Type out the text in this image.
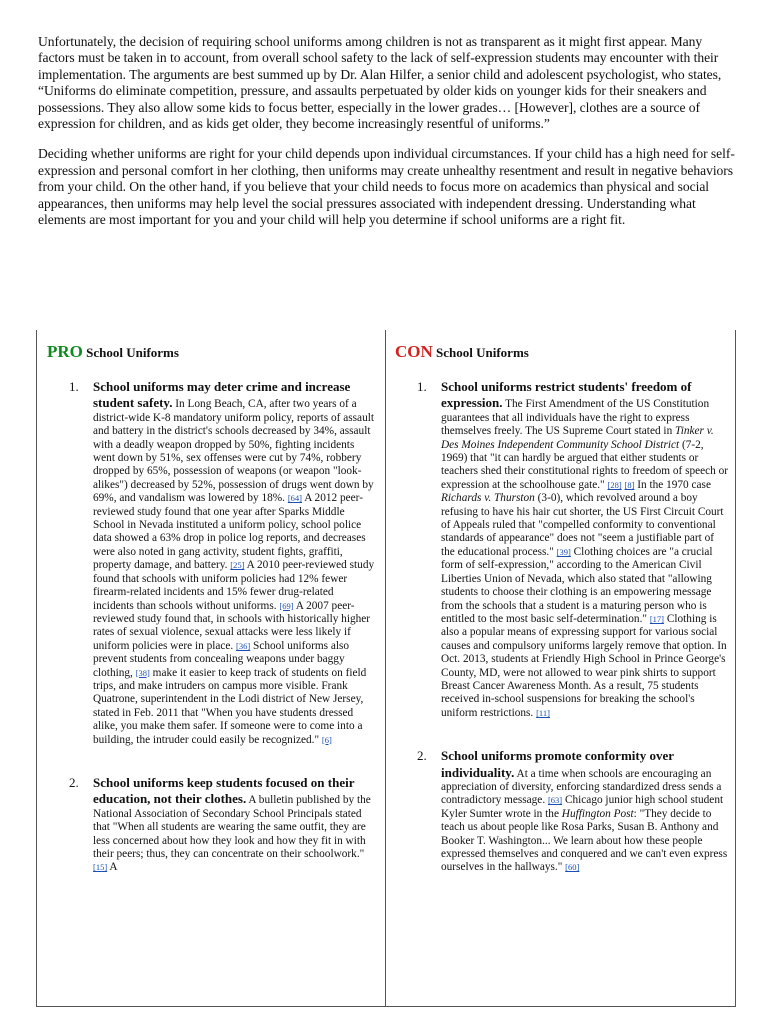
Unfortunately, the decision of requiring school uniforms among children is not as transparent as it might first appear. Many factors must be taken in to account, from overall school safety to the lack of self-expression students may encounter with their implementation. The arguments are best summed up by Dr. Alan Hilfer, a senior child and adolescent psychologist, who states, “Uniforms do eliminate competition, pressure, and assaults perpetuated by older kids on younger kids for their sneakers and possessions. They also allow some kids to focus better, especially in the lower grades… [However], clothes are a source of expression for children, and as kids get older, they become increasingly resentful of uniforms.”

Deciding whether uniforms are right for your child depends upon individual circumstances. If your child has a high need for self-expression and personal comfort in her clothing, then uniforms may create unhealthy resentment and result in negative behaviors from your child. On the other hand, if you believe that your child needs to focus more on academics than physical and social appearances, then uniforms may help level the social pressures associated with independent dressing. Understanding what elements are most important for you and your child will help you determine if school uniforms are a right fit.

PRO School Uniforms
1. School uniforms may deter crime and increase student safety. In Long Beach, CA, after two years of a district-wide K-8 mandatory uniform policy, reports of assault and battery in the district's schools decreased by 34%, assault with a deadly weapon dropped by 50%, fighting incidents went down by 51%, sex offenses were cut by 74%, robbery dropped by 65%, possession of weapons (or weapon "look-alikes") decreased by 52%, possession of drugs went down by 69%, and vandalism was lowered by 18%. [64] A 2012 peer-reviewed study found that one year after Sparks Middle School in Nevada instituted a uniform policy, school police data showed a 63% drop in police log reports, and decreases were also noted in gang activity, student fights, graffiti, property damage, and battery. [25] A 2010 peer-reviewed study found that schools with uniform policies had 12% fewer firearm-related incidents and 15% fewer drug-related incidents than schools without uniforms. [69] A 2007 peer-reviewed study found that, in schools with historically higher rates of sexual violence, sexual attacks were less likely if uniform policies were in place. [36] School uniforms also prevent students from concealing weapons under baggy clothing, [38] make it easier to keep track of students on field trips, and make intruders on campus more visible. Frank Quatrone, superintendent in the Lodi district of New Jersey, stated in Feb. 2011 that "When you have students dressed alike, you make them safer. If someone were to come into a building, the intruder could easily be recognized." [6]
2. School uniforms keep students focused on their education, not their clothes. A bulletin published by the National Association of Secondary School Principals stated that "When all students are wearing the same outfit, they are less concerned about how they look and how they fit in with their peers; thus, they can concentrate on their schoolwork." [15] A
CON School Uniforms
1. School uniforms restrict students' freedom of expression. The First Amendment of the US Constitution guarantees that all individuals have the right to express themselves freely. The US Supreme Court stated in Tinker v. Des Moines Independent Community School District (7-2, 1969) that "it can hardly be argued that either students or teachers shed their constitutional rights to freedom of speech or expression at the schoolhouse gate." [28] [8] In the 1970 case Richards v. Thurston (3-0), which revolved around a boy refusing to have his hair cut shorter, the US First Circuit Court of Appeals ruled that "compelled conformity to conventional standards of appearance" does not "seem a justifiable part of the educational process." [39] Clothing choices are "a crucial form of self-expression," according to the American Civil Liberties Union of Nevada, which also stated that "allowing students to choose their clothing is an empowering message from the schools that a student is a maturing person who is entitled to the most basic self-determination." [17] Clothing is also a popular means of expressing support for various social causes and compulsory uniforms largely remove that option. In Oct. 2013, students at Friendly High School in Prince George's County, MD, were not allowed to wear pink shirts to support Breast Cancer Awareness Month. As a result, 75 students received in-school suspensions for breaking the school's uniform restrictions. [11]
2. School uniforms promote conformity over individuality. At a time when schools are encouraging an appreciation of diversity, enforcing standardized dress sends a contradictory message. [63] Chicago junior high school student Kyler Sumter wrote in the Huffington Post: "They decide to teach us about people like Rosa Parks, Susan B. Anthony and Booker T. Washington... We learn about how these people expressed themselves and conquered and we can't even express ourselves in the hallways." [60]
